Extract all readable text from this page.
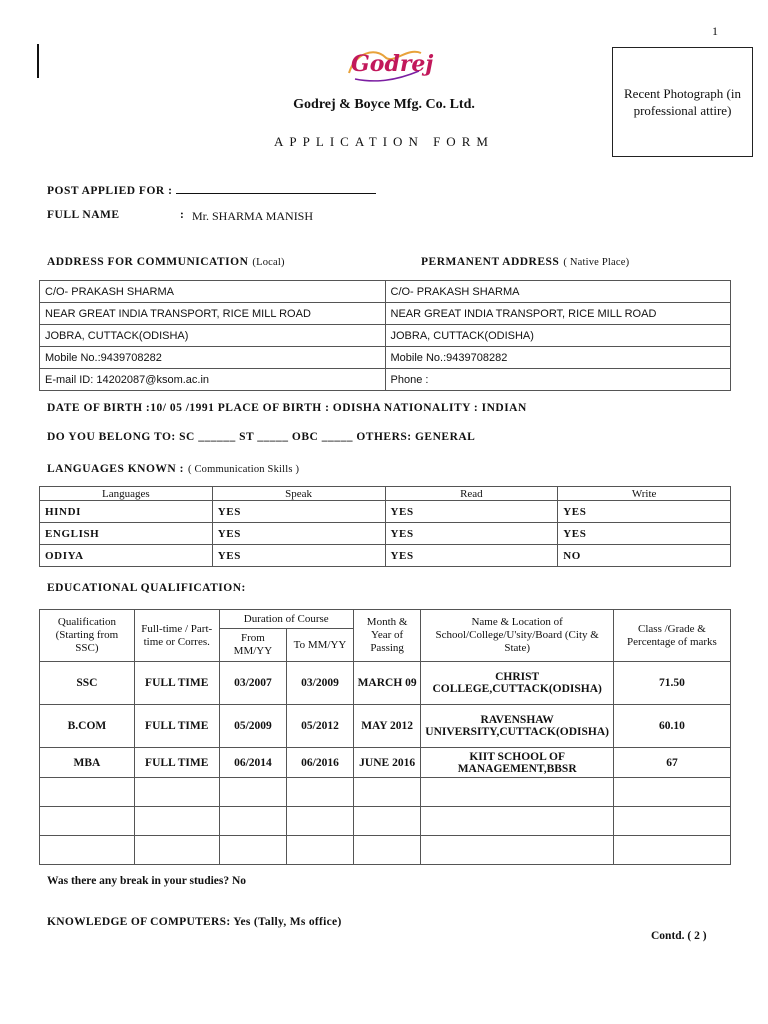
1
Godrej
Godrej & Boyce Mfg. Co. Ltd.
APPLICATION FORM
Recent Photograph (in professional attire)
POST APPLIED FOR :
FULL NAME	: Mr. SHARMA MANISH
ADDRESS FOR COMMUNICATION (Local)	PERMANENT ADDRESS ( Native Place)
C/O- PRAKASH SHARMA	C/O- PRAKASH SHARMA
NEAR GREAT INDIA TRANSPORT, RICE MILL ROAD	NEAR GREAT INDIA TRANSPORT, RICE MILL ROAD
JOBRA, CUTTACK(ODISHA)	JOBRA, CUTTACK(ODISHA)
Mobile No.:9439708282	Mobile No.:9439708282
E-mail ID: 14202087@ksom.ac.in	Phone :
DATE OF BIRTH :10/ 05 /1991 PLACE OF BIRTH : ODISHA NATIONALITY : INDIAN
DO YOU BELONG TO: SC ______ ST _____ OBC _____ OTHERS: GENERAL
LANGUAGES KNOWN : ( Communication Skills )
Languages	Speak	Read	Write
HINDI	YES	YES	YES
ENGLISH	YES	YES	YES
ODIYA	YES	YES	NO
EDUCATIONAL QUALIFICATION:
Qualification (Starting from SSC)	Full-time / Part-time or Corres.	Duration of Course		Month & Year of Passing	Name & Location of School/College/U'sity/Board (City & State)	Class /Grade & Percentage of marks
		From MM/YY	To MM/YY			
SSC	FULL TIME	03/2007	03/2009	MARCH 09	CHRIST COLLEGE,CUTTACK(ODISHA)	71.50
B.COM	FULL TIME	05/2009	05/2012	MAY 2012	RAVENSHAW UNIVERSITY,CUTTACK(ODISHA)	60.10
MBA	FULL TIME	06/2014	06/2016	JUNE 2016	KIIT SCHOOL OF MANAGEMENT,BBSR	67

Was there any break in your studies? No
KNOWLEDGE OF COMPUTERS: Yes (Tally, Ms office)
Contd. ( 2 )
